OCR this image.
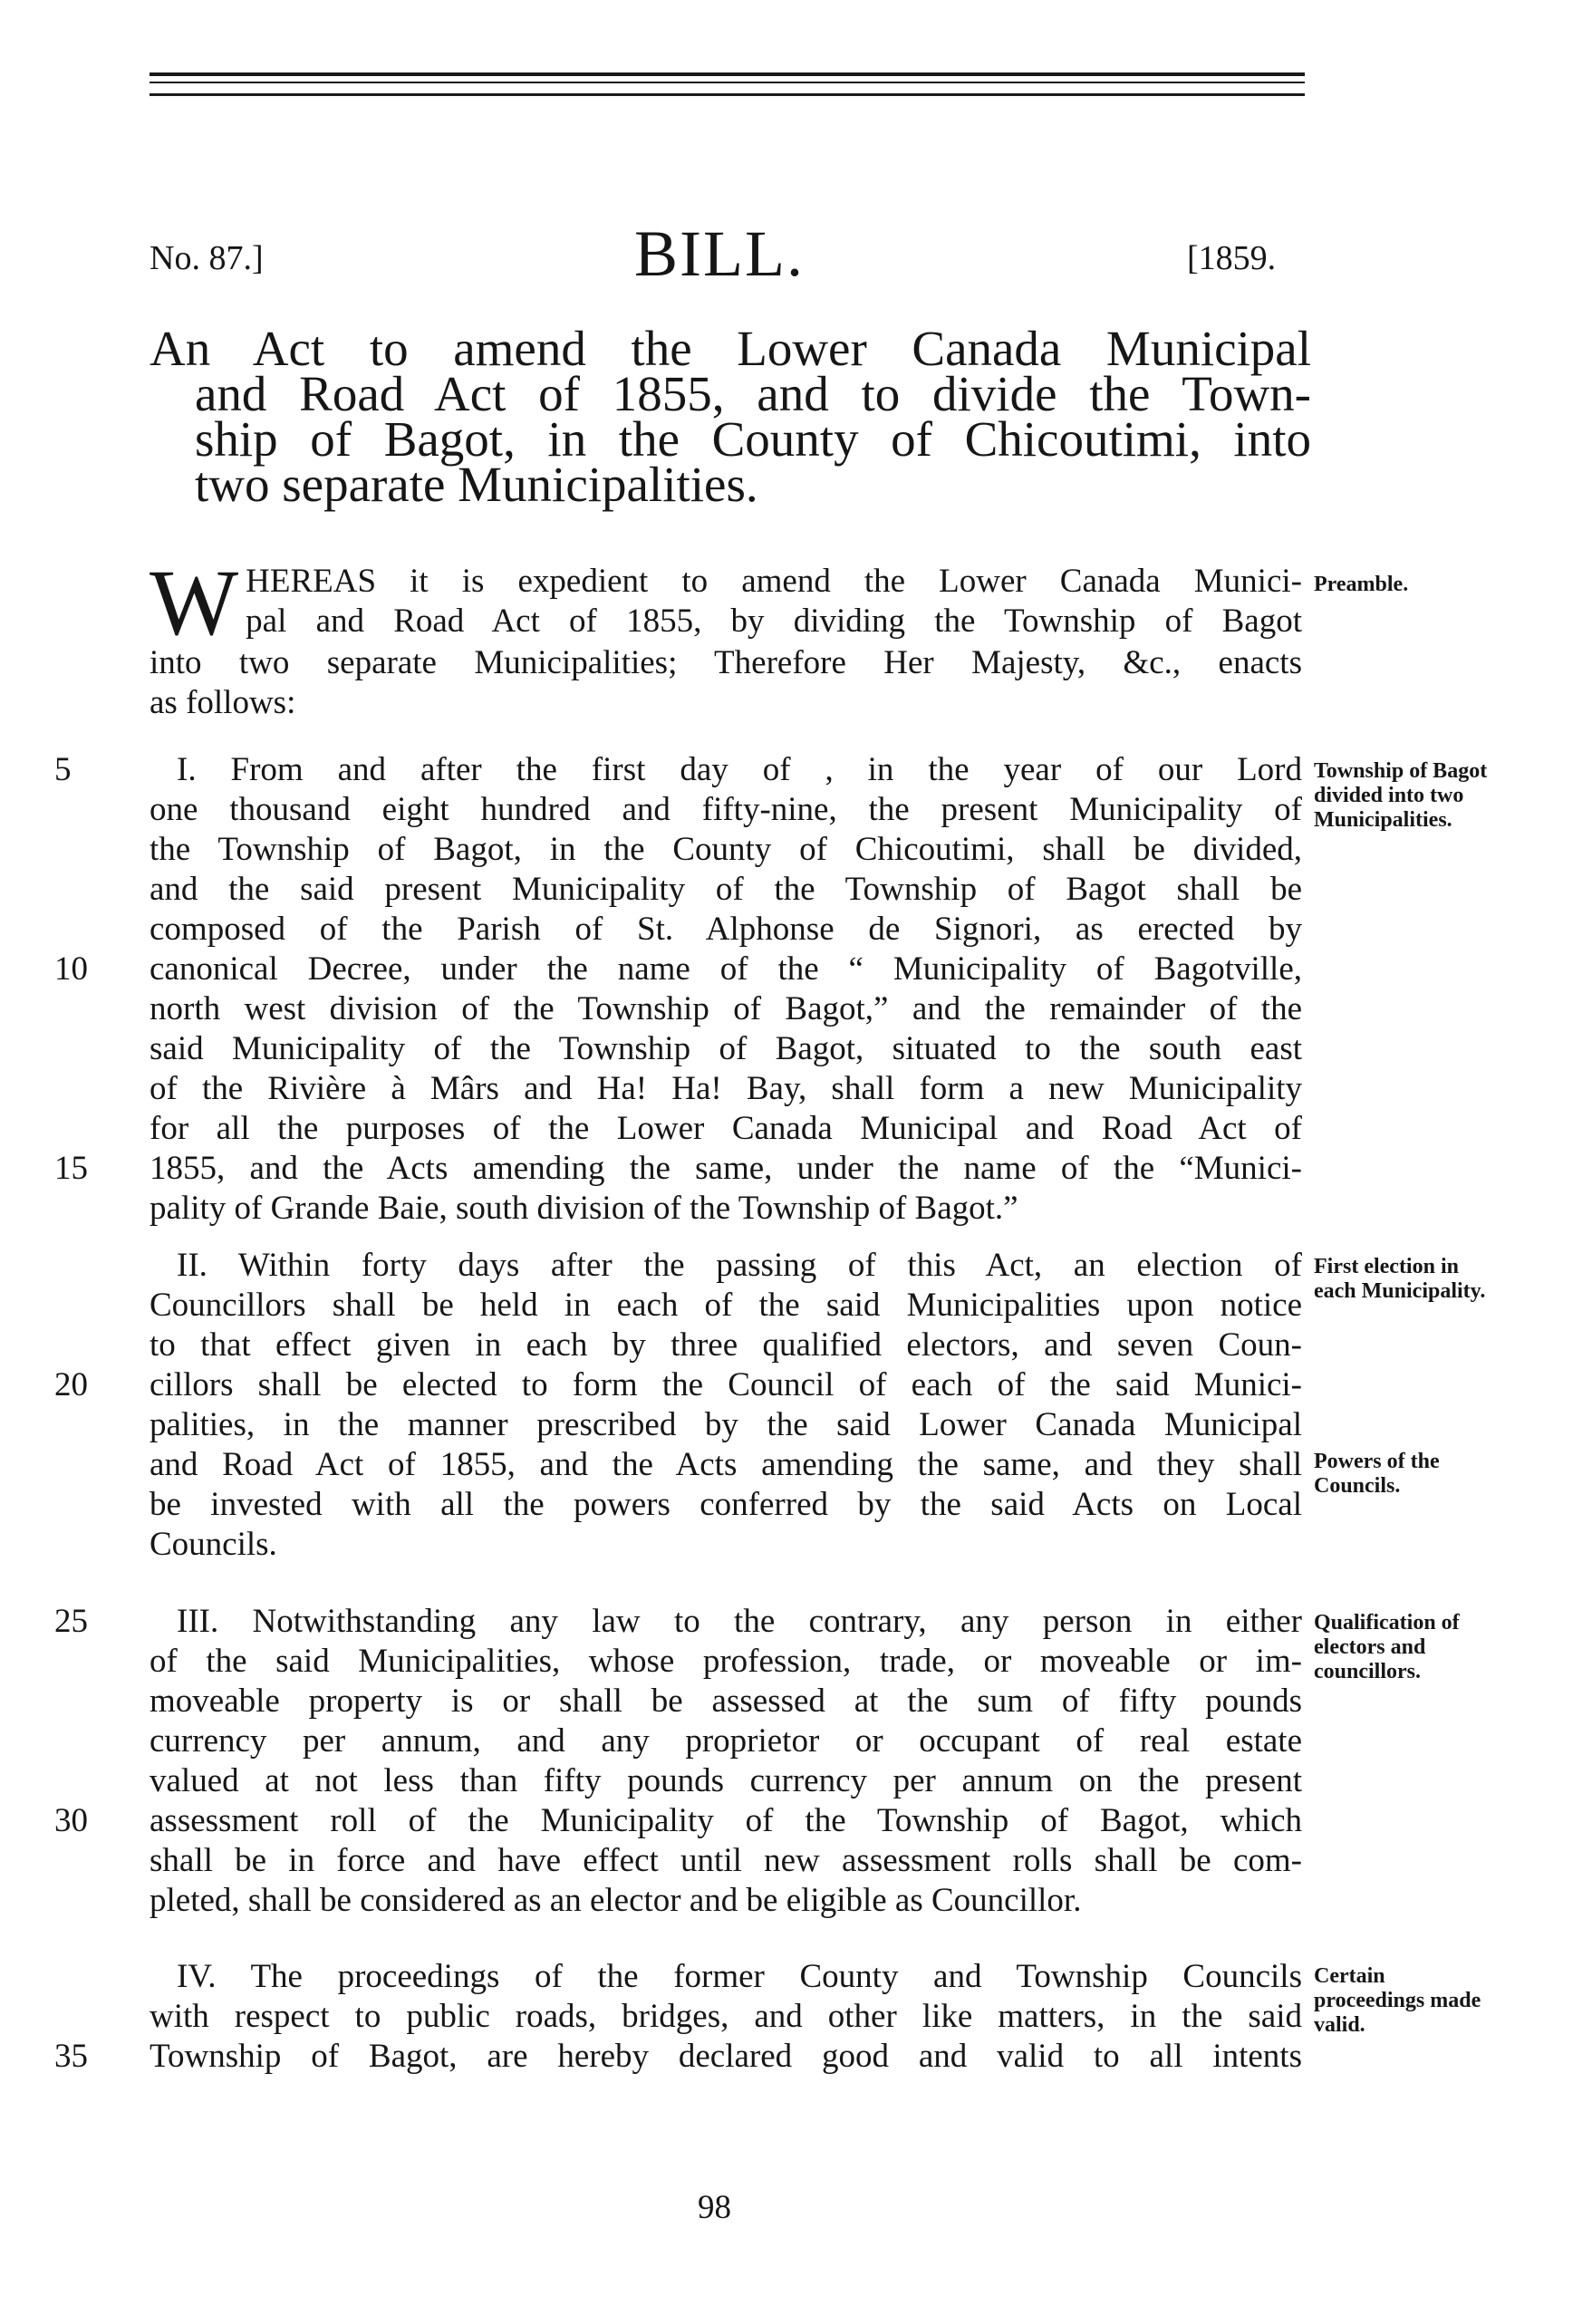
No. 87.]	BILL.	[1859.
An Act to amend the Lower Canada Municipal
and Road Act of 1855, and to divide the Town-
ship of Bagot, in the County of Chicoutimi, into
two separate Municipalities.
W HEREAS it is expedient to amend the Lower Canada Munici-
pal and Road Act of 1855, by dividing the Township of Bagot
into two separate Municipalities; Therefore Her Majesty, &c., enacts
as follows:
Preamble.
I. From and after the first day of , in the year of our Lord
one thousand eight hundred and fifty-nine, the present Municipality of
the Township of Bagot, in the County of Chicoutimi, shall be divided,
and the said present Municipality of the Township of Bagot shall be
composed of the Parish of St. Alphonse de Signori, as erected by
canonical Decree, under the name of the “ Municipality of Bagotville,
north west division of the Township of Bagot,” and the remainder of the
said Municipality of the Township of Bagot, situated to the south east
of the Rivière à Mârs and Ha! Ha! Bay, shall form a new Municipality
for all the purposes of the Lower Canada Municipal and Road Act of
1855, and the Acts amending the same, under the name of the “Munici-
pality of Grande Baie, south division of the Township of Bagot.”
Township of Bagot divided into two Municipalities.
II. Within forty days after the passing of this Act, an election of
Councillors shall be held in each of the said Municipalities upon notice
to that effect given in each by three qualified electors, and seven Coun-
cillors shall be elected to form the Council of each of the said Munici-
palities, in the manner prescribed by the said Lower Canada Municipal
and Road Act of 1855, and the Acts amending the same, and they shall
be invested with all the powers conferred by the said Acts on Local
Councils.
First election in each Municipality.
Powers of the Councils.
III. Notwithstanding any law to the contrary, any person in either
of the said Municipalities, whose profession, trade, or moveable or im-
moveable property is or shall be assessed at the sum of fifty pounds
currency per annum, and any proprietor or occupant of real estate
valued at not less than fifty pounds currency per annum on the present
assessment roll of the Municipality of the Township of Bagot, which
shall be in force and have effect until new assessment rolls shall be com-
pleted, shall be considered as an elector and be eligible as Councillor.
Qualification of electors and councillors.
IV. The proceedings of the former County and Township Councils
with respect to public roads, bridges, and other like matters, in the said
Township of Bagot, are hereby declared good and valid to all intents
Certain proceedings made valid.
5
10
15
20
25
30
35
98
